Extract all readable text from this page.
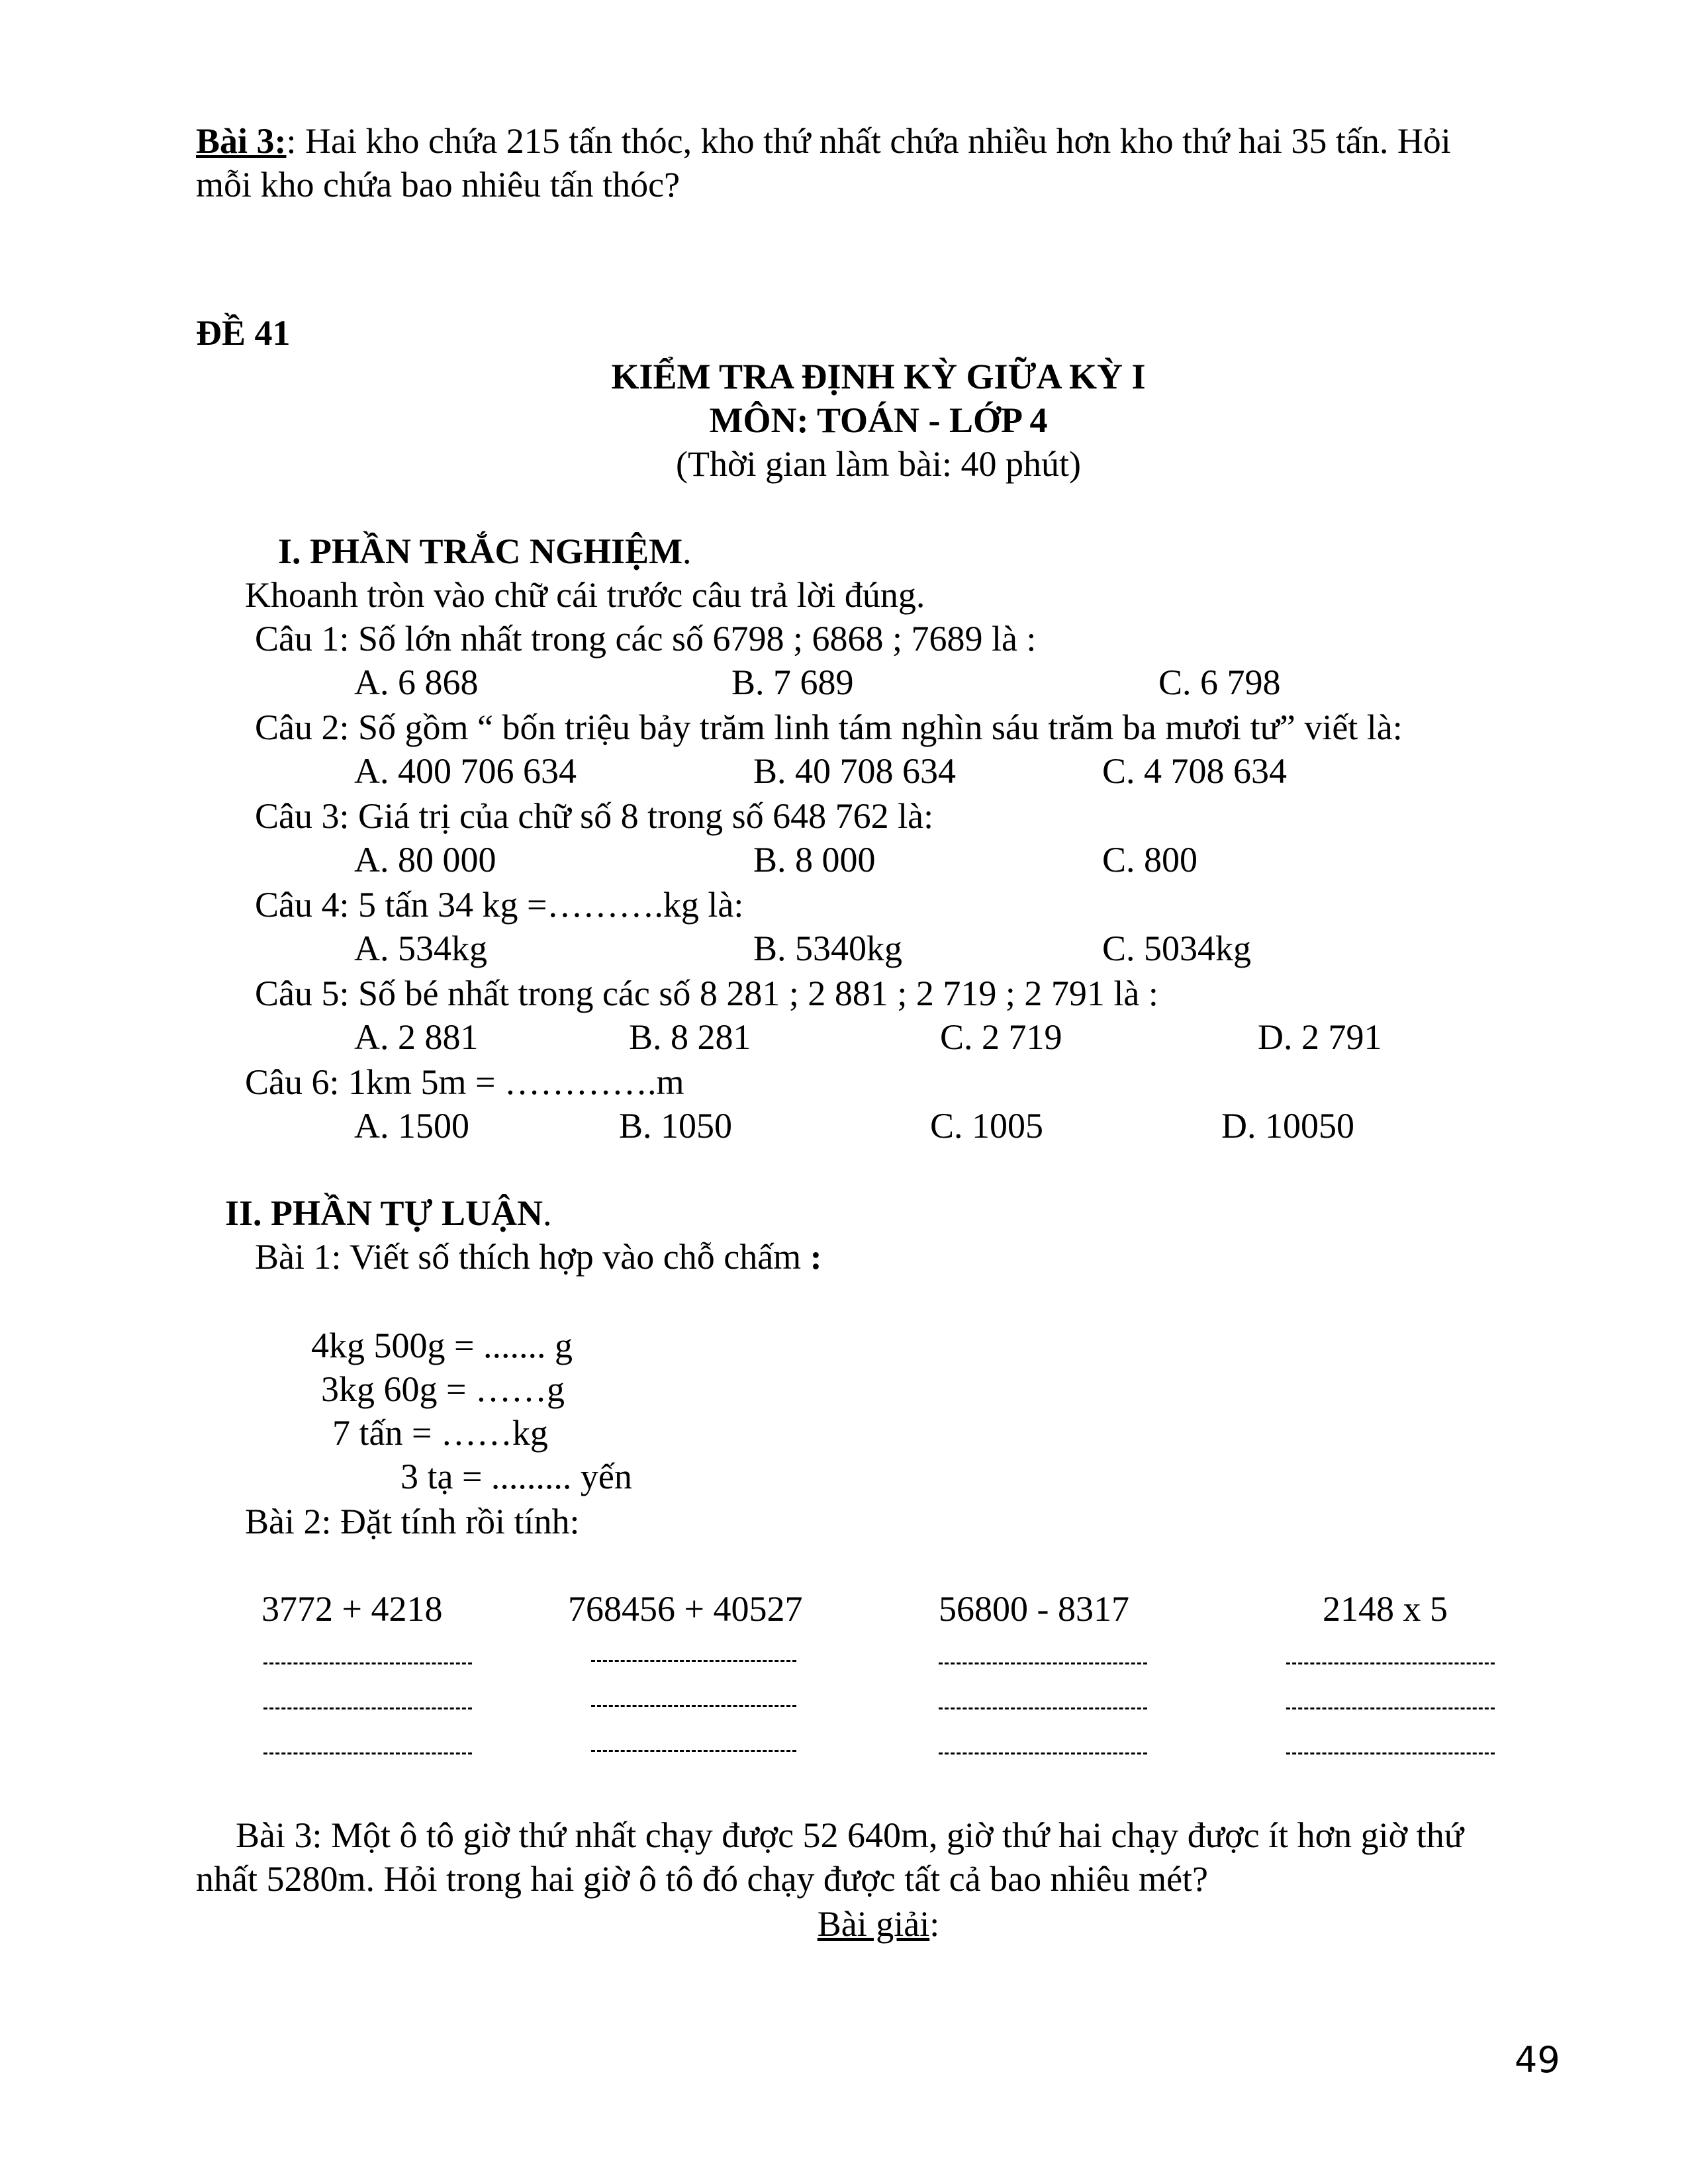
Bài 3:: Hai kho chứa 215 tấn thóc, kho thứ nhất chứa nhiều hơn kho thứ hai 35 tấn. Hỏi
mỗi kho chứa bao nhiêu tấn thóc?
ĐỀ 41
KIỂM TRA ĐỊNH KỲ GIỮA KỲ I
MÔN: TOÁN - LỚP 4
(Thời gian làm bài: 40 phút)
I. PHẦN TRẮC NGHIỆM.
Khoanh tròn vào chữ cái trước câu trả lời đúng.
Câu 1: Số lớn nhất trong các số 6798 ; 6868 ; 7689 là :
A. 6 868	B. 7 689	C. 6 798
Câu 2: Số gồm “ bốn triệu bảy trăm linh tám nghìn sáu trăm ba mươi tư” viết là:
A. 400 706 634	B. 40 708 634	C. 4 708 634
Câu 3: Giá trị của chữ số 8 trong số 648 762 là:
A. 80 000	B. 8 000	C. 800
Câu 4: 5 tấn 34 kg =……….kg là:
A. 534kg	B. 5340kg	C. 5034kg
Câu 5: Số bé nhất trong các số 8 281 ; 2 881 ; 2 719 ; 2 791 là :
A. 2 881	B. 8 281	C. 2 719	D. 2 791
Câu 6: 1km 5m = ………….m
A. 1500	B. 1050	C. 1005	D. 10050
II. PHẦN TỰ LUẬN.
Bài 1: Viết số thích hợp vào chỗ chấm :
4kg 500g = ....... g
3kg 60g = ……g
7 tấn = ……kg
3 tạ = ......... yến
Bài 2: Đặt tính rồi tính:
3772 + 4218	768456 + 40527	56800 - 8317	2148 x 5
Bài 3: Một ô tô giờ thứ nhất chạy được 52 640m, giờ thứ hai chạy được ít hơn giờ thứ
nhất 5280m. Hỏi trong hai giờ ô tô đó chạy được tất cả bao nhiêu mét?
Bài giải:
49
